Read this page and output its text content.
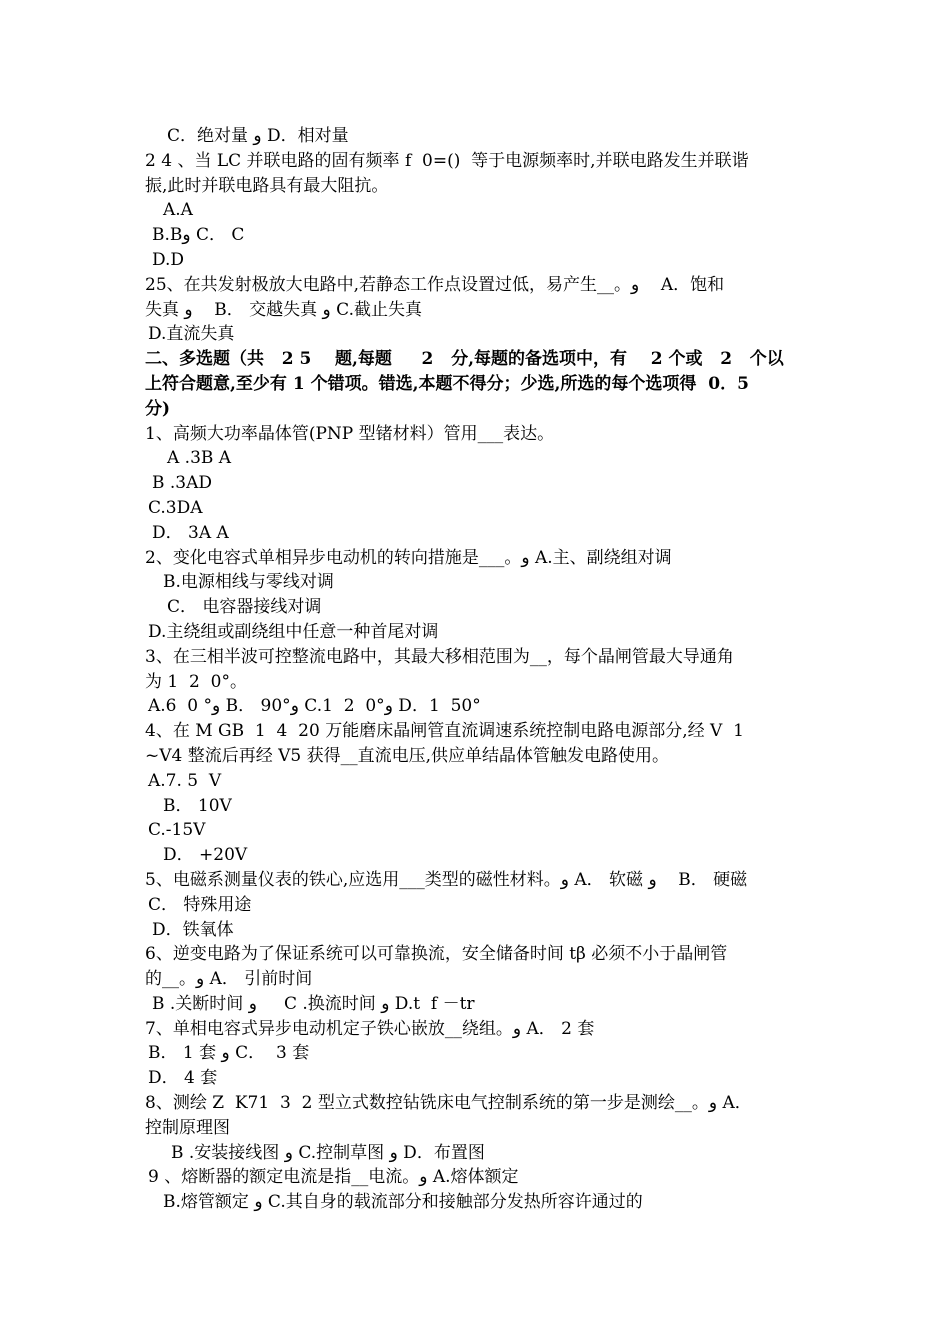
C．绝对量 و D．相对量
2 4 、当 LC 并联电路的固有频率 f  0=()  等于电源频率时,并联电路发生并联谐
振,此时并联电路具有最大阻抗。
A.A
B.Bو C． C
D.D
25、在共发射极放大电路中,若静态工作点设置过低，易产生__。و    A．饱和
失真 و    B． 交越失真 و C.截止失真
D.直流失真
二、多选题（共   2 5    题,每题     2   分,每题的备选项中，有    2 个或   2   个以
上符合题意,至少有 1 个错项。错选,本题不得分；少选,所选的每个选项得  0．5
分)
1、高频大功率晶体管(PNP 型锗材料）管用___表达。
A .3B A
B .3AD
C.3DA
D． 3A A
2、变化电容式单相异步电动机的转向措施是___。و A.主、副绕组对调
B.电源相线与零线对调
C． 电容器接线对调
D.主绕组或副绕组中任意一种首尾对调
3、在三相半波可控整流电路中，其最大移相范围为__，每个晶闸管最大导通角
为 1  2  0°。
A.6  0 °و B． 90°و C.1  2  0°و D．1  50°
4、在 M GB  1  4  20 万能磨床晶闸管直流调速系统控制电路电源部分,经 V  1
~V4 整流后再经 V5 获得__直流电压,供应单结晶体管触发电路使用。
A.7. 5  V
B． 10V
C.-15V
D． +20V
5、电磁系测量仪表的铁心,应选用___类型的磁性材料。و A． 软磁 و    B． 硬磁
C． 特殊用途
D．铁氧体
6、逆变电路为了保证系统可以可靠换流，安全储备时间 tβ 必须不小于晶闸管
的__。و A． 引前时间
B .关断时间 و     C .换流时间 و D.t  f －tr
7、单相电容式异步电动机定子铁心嵌放__绕组。و A． 2 套
B． 1 套 و C．  3 套
D． 4 套
8、测绘 Z  K71  3  2 型立式数控钻铣床电气控制系统的第一步是测绘__。و A．
控制原理图
B .安装接线图 و C.控制草图 و D．布置图
9 、熔断器的额定电流是指__电流。و A.熔体额定
B.熔管额定 و C.其自身的载流部分和接触部分发热所容许通过的
